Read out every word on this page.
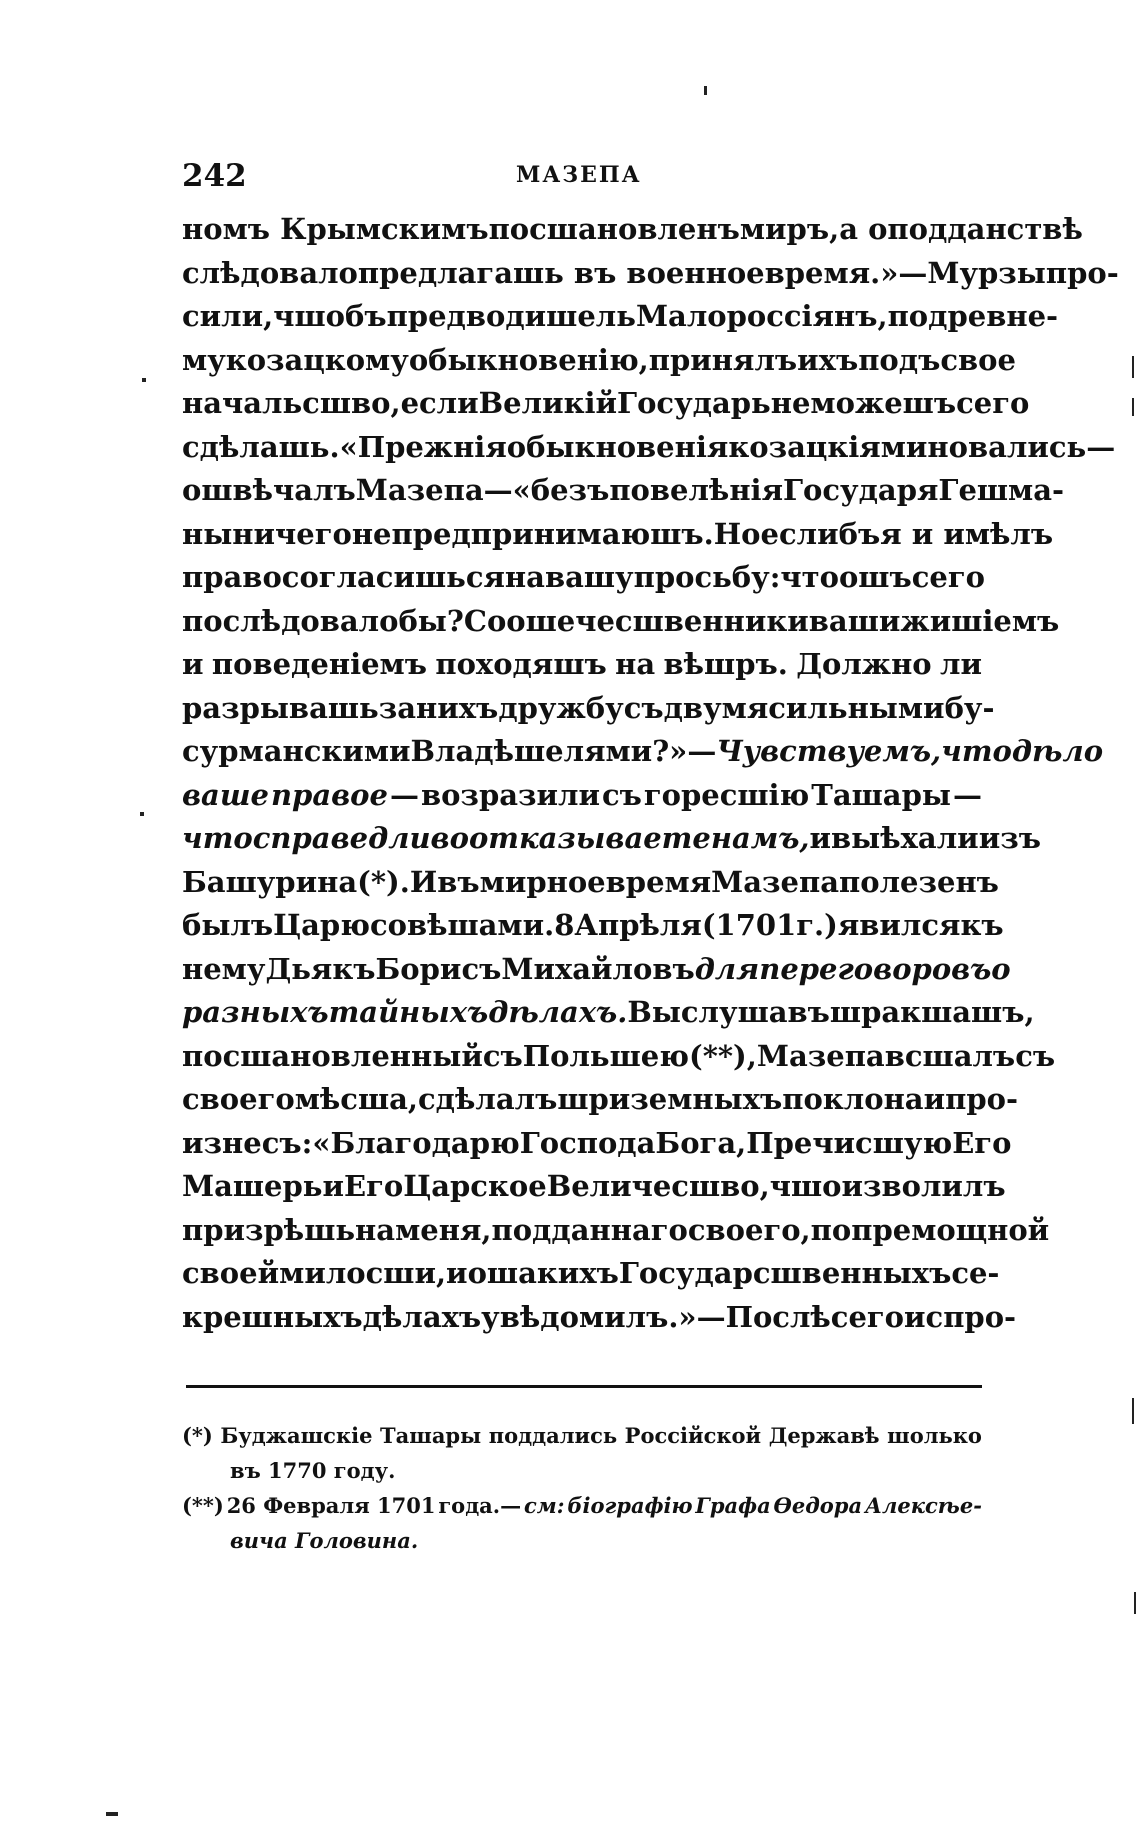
242	МАЗЕПА
номъ Крымскимъ посшановленъ миръ, а о подданствѣ
слѣдовало предлагашь въ военное время.»—Мурзы про-
сили, чшобъ предводишель Малороссіянъ, по древне-
му козацкому обыкновенію, принялъ ихъ подъ свое
начальсшво, если Великій Государь не можешъ сего
сдѣлашь. «Прежнія обыкновенія козацкія миновались—
ошвѣчалъ Мазепа—« безъ повелѣнія Государя Гешма-
ны ничего не предпринимаюшъ. Но еслибъ я и имѣлъ
право согласишься на вашу просьбу: что ошъ сего
послѣдовало бы? Соошечесшвенники ваши жишіемъ
и поведеніемъ походяшъ на вѣшръ. Должно ли
разрывашь за нихъ дружбу съ двумя сильными бу-
сурманскими Владѣшелями?» — Чувствуемъ, что дѣло
ваше правое — возразили съ горесшію Ташары —
что справедливо отказываете намъ, и выѣхали изъ
Башурина (*). И въ мирное время Мазепа полезенъ
былъ Царю совѣшами. 8 Апрѣля (1701 г.) явился къ
нему Дьякъ Борисъ Михайловъ для переговоровъ о
разныхъ тайныхъ дѣлахъ. Выслушавъ шракшашъ,
посшановленный съ Польшею (**), Мазепа всшалъ съ
своего мѣсша, сдѣлалъ шри земныхъ поклона и про-
изнесъ: «Благодарю Господа Бога, Пречисшую Его
Машерь и Его Царское Величесшво, чшо изволилъ
призрѣшь на меня, подданнаго своего, по премощной
своей милосши, и о шакихъ Государсшвенныхъ се-
крешныхъ дѣлахъ увѣдомилъ.» — Послѣ сего испро-
(*) Буджашскіе Ташары поддались Россійской Державѣ шолько
въ 1770 году.
(**) 26 Февраля 1701 года.— см: біографію Графа Ѳедора Алексѣе-
вича Головина.
